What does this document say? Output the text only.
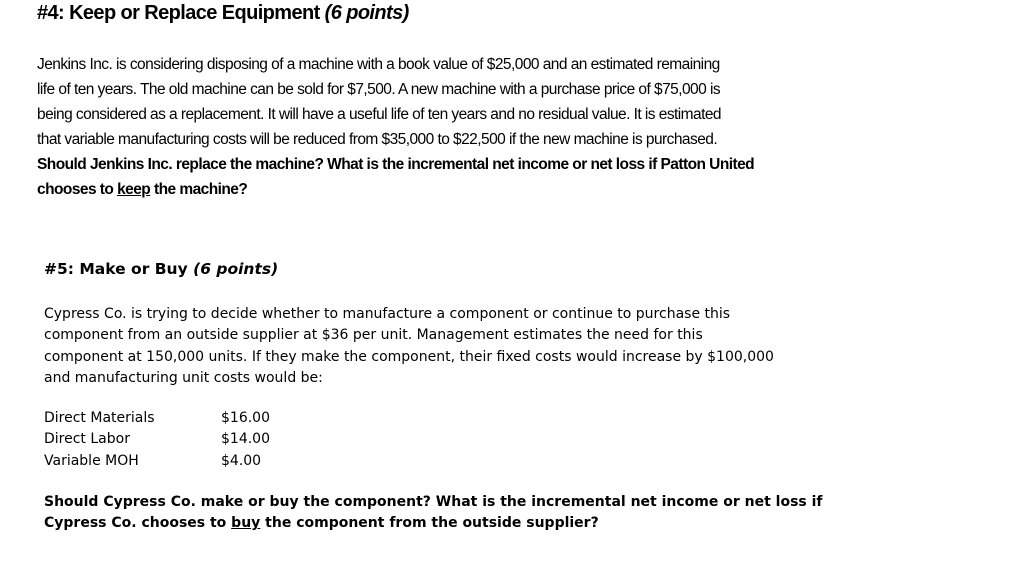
#4: Keep or Replace Equipment (6 points)
Jenkins Inc. is considering disposing of a machine with a book value of $25,000 and an estimated remaining
life of ten years. The old machine can be sold for $7,500. A new machine with a purchase price of $75,000 is
being considered as a replacement. It will have a useful life of ten years and no residual value. It is estimated
that variable manufacturing costs will be reduced from $35,000 to $22,500 if the new machine is purchased.
Should Jenkins Inc. replace the machine? What is the incremental net income or net loss if Patton United
chooses to keep the machine?
#5: Make or Buy (6 points)
Cypress Co. is trying to decide whether to manufacture a component or continue to purchase this
component from an outside supplier at $36 per unit. Management estimates the need for this
component at 150,000 units. If they make the component, their fixed costs would increase by $100,000
and manufacturing unit costs would be:
Direct Materials	$16.00
Direct Labor	$14.00
Variable MOH	$4.00
Should Cypress Co. make or buy the component? What is the incremental net income or net loss if
Cypress Co. chooses to buy the component from the outside supplier?
